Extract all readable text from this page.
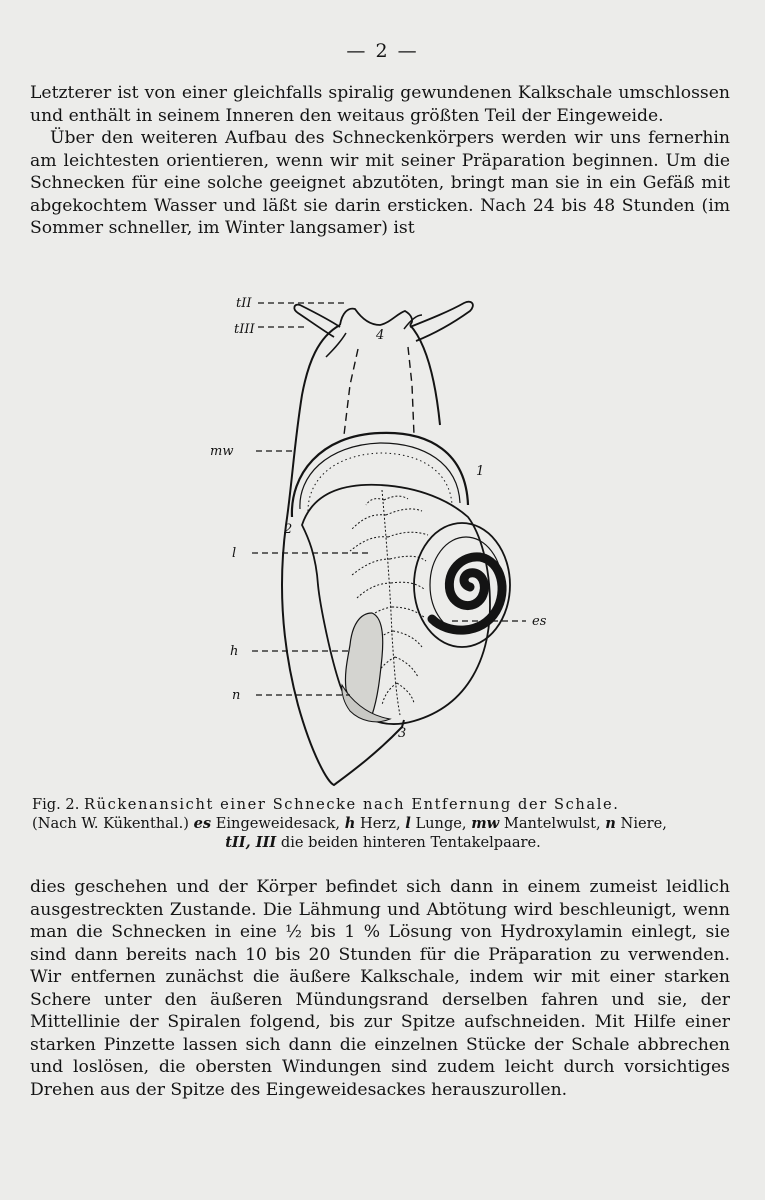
— 2 —

Letzterer ist von einer gleichfalls spiralig gewundenen Kalkschale umschlossen und enthält in seinem Inneren den weitaus größten Teil der Eingeweide.

Über den weiteren Aufbau des Schneckenkörpers werden wir uns fernerhin am leichtesten orientieren, wenn wir mit seiner Präparation beginnen. Um die Schnecken für eine solche geeignet abzutöten, bringt man sie in ein Gefäß mit abgekochtem Wasser und läßt sie darin ersticken. Nach 24 bis 48 Stunden (im Sommer schneller, im Winter langsamer) ist

tII
tIII	4
mw
1
2
l
es
h
n
3
Fig. 2. Rückenansicht einer Schnecke nach Entfernung der Schale.
(Nach W. Kükenthal.) es Eingeweidesack, h Herz, l Lunge, mw Mantelwulst, n Niere,
tII, III die beiden hinteren Tentakelpaare.

dies geschehen und der Körper befindet sich dann in einem zumeist leidlich ausgestreckten Zustande. Die Lähmung und Abtötung wird beschleunigt, wenn man die Schnecken in eine ½ bis 1 % Lösung von Hydroxylamin einlegt, sie sind dann bereits nach 10 bis 20 Stunden für die Präparation zu verwenden. Wir entfernen zunächst die äußere Kalkschale, indem wir mit einer starken Schere unter den äußeren Mündungsrand derselben fahren und sie, der Mittellinie der Spiralen folgend, bis zur Spitze aufschneiden. Mit Hilfe einer starken Pinzette lassen sich dann die einzelnen Stücke der Schale abbrechen und loslösen, die obersten Windungen sind zudem leicht durch vorsichtiges Drehen aus der Spitze des Eingeweidesackes herauszurollen.
